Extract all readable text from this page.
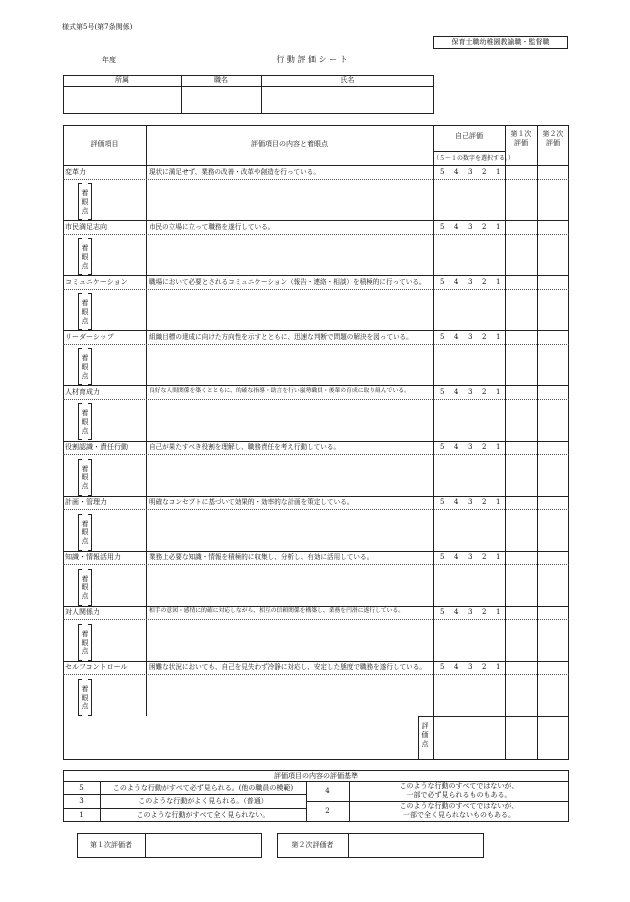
様式第5号(第7条関係)
保育士職幼稚園教諭職・監督職
年度	行 動 評 価 シ ー ト
所属	職名	氏名
評価項目	評価項目の内容と着眼点
自己評価
（５～１の数字を選択する。）
第１次
評価
第２次
評価
変革力	現状に満足せず、業務の改善・改革や創造を行っている。	5 4 3 2 1
着
眼
点
市民満足志向	市民の立場に立って職務を遂行している。	5 4 3 2 1
着
眼
点
コミュニケーション	職場において必要とされるコミュニケーション（報告・連絡・相談）を積極的に行っている。 5 4 3 2 1
着
眼
点
リーダーシップ	組織目標の達成に向けた方向性を示すとともに、迅速な判断で問題の解決を図っている。	5 4 3 2 1
着
眼
点
人材育成力	良好な人間関係を築くとともに、的確な指導・助言を行い嵐勢職員・後輩の育成に取り組んでいる。	5 4 3 2 1
着
眼
点
役割認識・責任行動	自己が果たすべき役割を理解し、職務責任を考え行動している。	5 4 3 2 1
着
眼
点
計画・管理力	明確なコンセプトに基づいて効果的・効率的な計画を策定している。	5 4 3 2 1
着
眼
点
知識・情報活用力	業務上必要な知識・情報を積極的に収集し、分析し、有効に活用している。	5 4 3 2 1
着
眼
点
対人関係力	相手の意図・感情に的確に対応しながら、相互の信頼関係を構築し、業務を円滑に遂行している。	5 4 3 2 1
着
眼
点
セルフコントロール	困難な状況においても、自己を見失わず冷静に対応し、安定した態度で職務を遂行している。 5 4 3 2 1
着
眼
点
評
価
点
評価項目の内容の評価基準
5	このような行動がすべて必ず見られる。(他の職員の模範)
3	このような行動がよく見られる。（普通）
1	このような行動がすべて全く見られない。
4
このような行動のすべてではないが、
一部で必ず見られるものもある。
2
このような行動のすべてではないが、
一部で全く見られないものもある。
第１次評価者	第２次評価者
